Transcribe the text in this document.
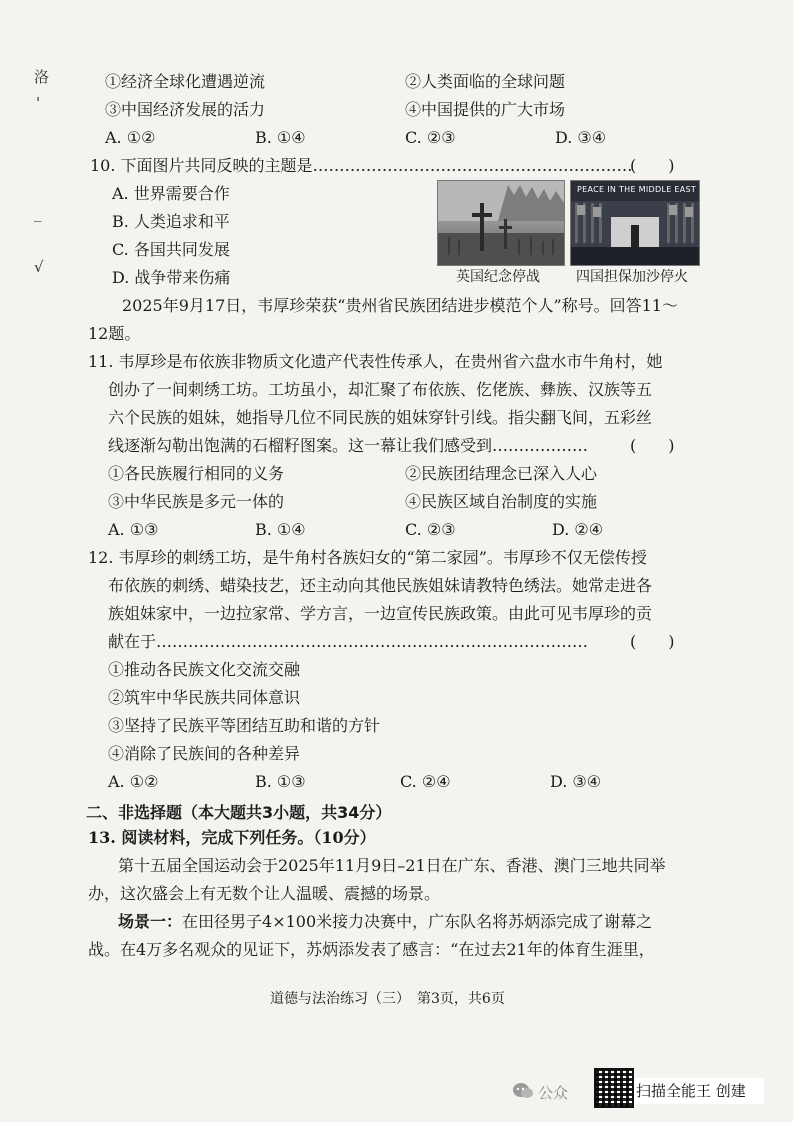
洛
'
_
√
①经济全球化遭遇逆流	②人类面临的全球问题
③中国经济发展的活力	④中国提供的广大市场
A. ①②	B. ①④	C. ②③	D. ③④
10. 下面图片共同反映的主题是……………………………………………………
(　　)
A. 世界需要合作
B. 人类追求和平
C. 各国共同发展
D. 战争带来伤痛	英国纪念停战
PEACE IN THE MIDDLE EAST
四国担保加沙停火
2025年9月17日，韦厚珍荣获“贵州省民族团结进步模范个人”称号。回答11～
12题。
11. 韦厚珍是布依族非物质文化遗产代表性传承人，在贵州省六盘水市牛角村，她
创办了一间刺绣工坊。工坊虽小，却汇聚了布依族、仡佬族、彝族、汉族等五
六个民族的姐妹，她指导几位不同民族的姐妹穿针引线。指尖翻飞间，五彩丝
线逐渐勾勒出饱满的石榴籽图案。这一幕让我们感受到………………	(　　)
①各民族履行相同的义务	②民族团结理念已深入人心
③中华民族是多元一体的	④民族区域自治制度的实施
A. ①③	B. ①④	C. ②③	D. ②④
12. 韦厚珍的刺绣工坊，是牛角村各族妇女的“第二家园”。韦厚珍不仅无偿传授
布依族的刺绣、蜡染技艺，还主动向其他民族姐妹请教特色绣法。她常走进各
族姐妹家中，一边拉家常、学方言，一边宣传民族政策。由此可见韦厚珍的贡
献在于………………………………………………………………………	(　　)
①推动各民族文化交流交融
②筑牢中华民族共同体意识
③坚持了民族平等团结互助和谐的方针
④消除了民族间的各种差异
A. ①②	B. ①③	C. ②④	D. ③④
二、非选择题（本大题共3小题，共34分）
13. 阅读材料，完成下列任务。（10分）
第十五届全国运动会于2025年11月9日–21日在广东、香港、澳门三地共同举
办，这次盛会上有无数个让人温暖、震撼的场景。
场景一：在田径男子4×100米接力决赛中，广东队名将苏炳添完成了谢幕之
战。在4万多名观众的见证下，苏炳添发表了感言：“在过去21年的体育生涯里，
道德与法治练习（三）　第3页，共6页
公众	扫描全能王 创建
